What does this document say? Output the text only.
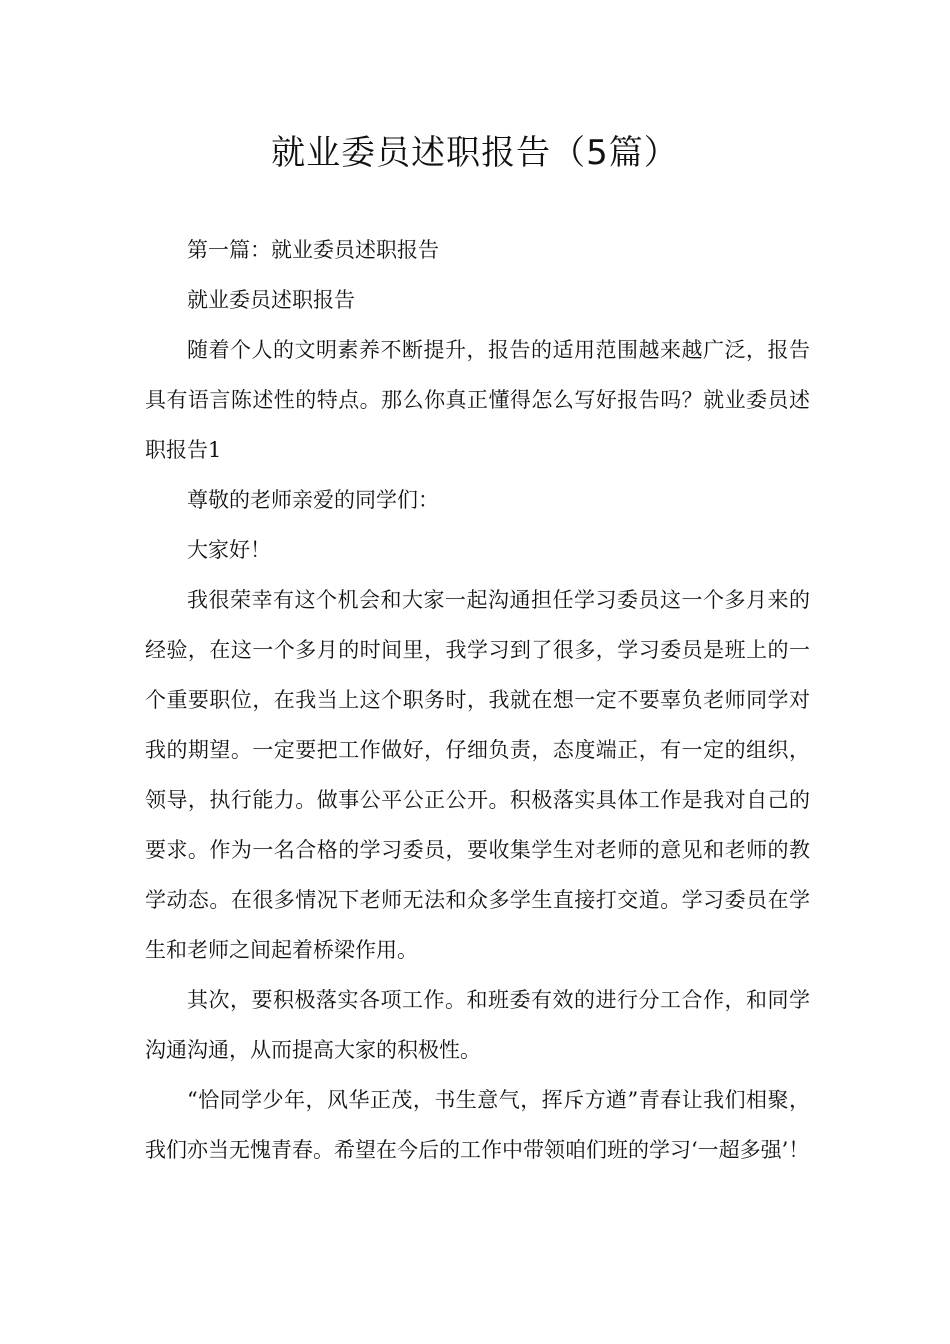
就业委员述职报告（5篇）

第一篇：就业委员述职报告

就业委员述职报告

随着个人的文明素养不断提升，报告的适用范围越来越广泛，报告具有语言陈述性的特点。那么你真正懂得怎么写好报告吗？就业委员述职报告1

尊敬的老师亲爱的同学们：

大家好！

我很荣幸有这个机会和大家一起沟通担任学习委员这一个多月来的经验，在这一个多月的时间里，我学习到了很多，学习委员是班上的一个重要职位，在我当上这个职务时，我就在想一定不要辜负老师同学对我的期望。一定要把工作做好，仔细负责，态度端正，有一定的组织，领导，执行能力。做事公平公正公开。积极落实具体工作是我对自己的要求。作为一名合格的学习委员，要收集学生对老师的意见和老师的教学动态。在很多情况下老师无法和众多学生直接打交道。学习委员在学生和老师之间起着桥梁作用。

其次，要积极落实各项工作。和班委有效的进行分工合作，和同学沟通沟通，从而提高大家的积极性。

“恰同学少年，风华正茂，书生意气，挥斥方遒”青春让我们相聚，我们亦当无愧青春。希望在今后的工作中带领咱们班的学习‘一超多强’！
